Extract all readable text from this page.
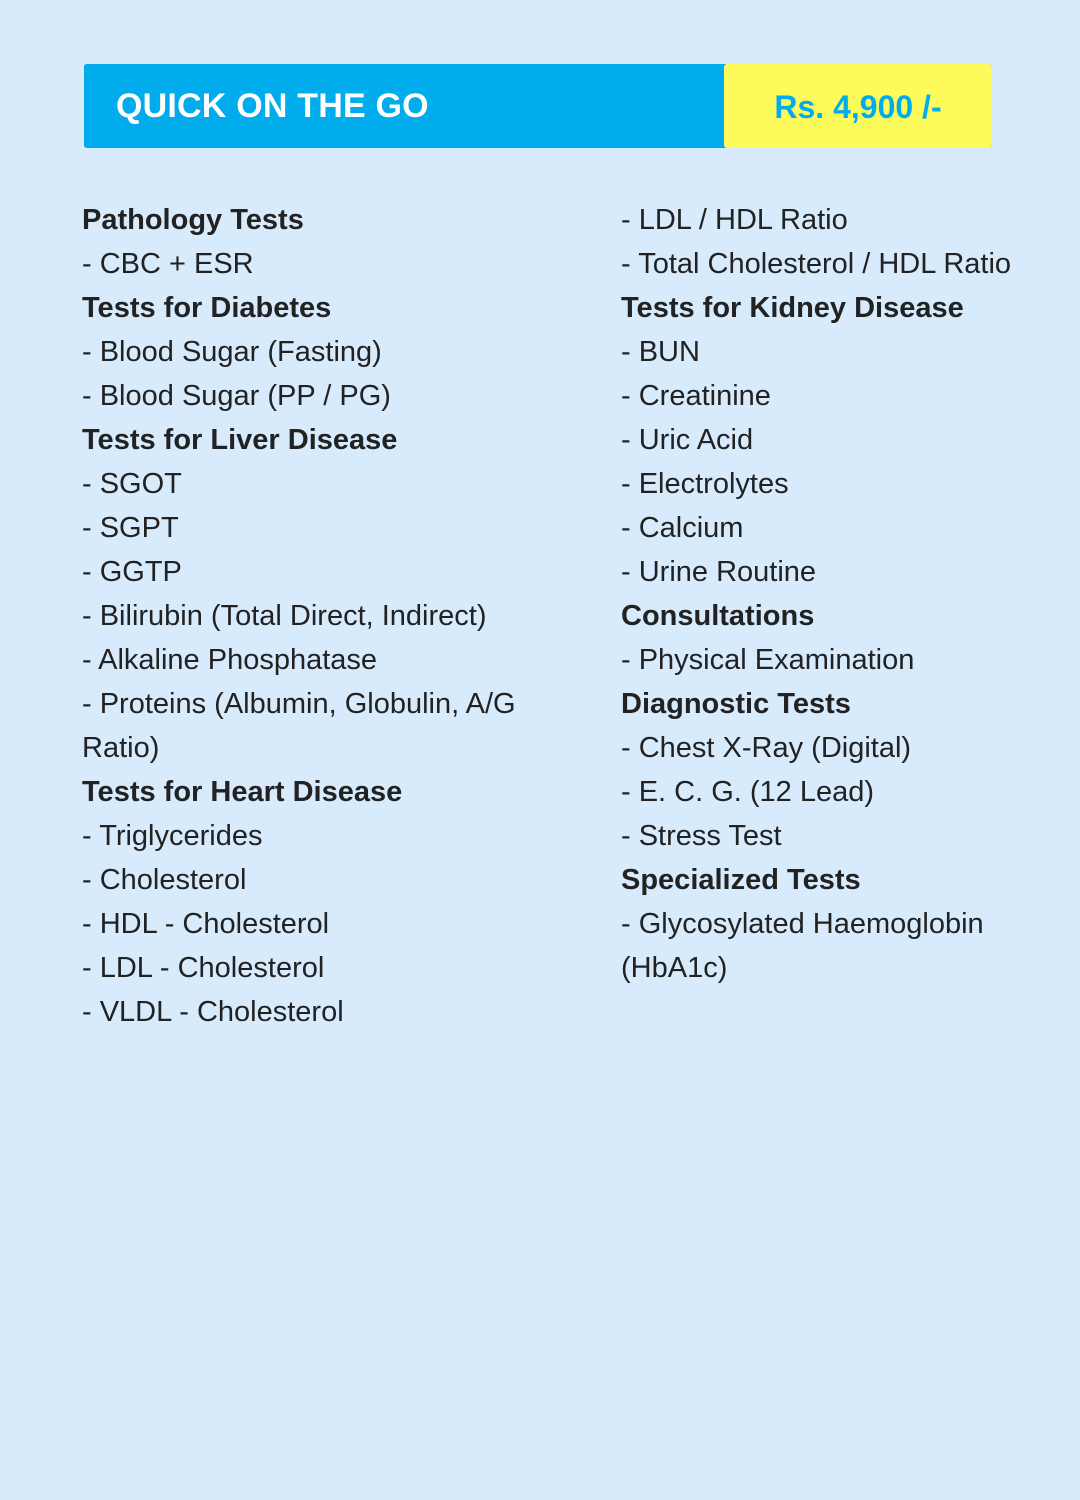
QUICK ON THE GO	Rs. 4,900 /-
Pathology Tests
- CBC + ESR
Tests for Diabetes
- Blood Sugar (Fasting)
- Blood Sugar (PP / PG)
Tests for Liver Disease
- SGOT
- SGPT
- GGTP
- Bilirubin (Total Direct, Indirect)
- Alkaline Phosphatase
- Proteins (Albumin, Globulin, A/G Ratio)
Tests for Heart Disease
- Triglycerides
- Cholesterol
- HDL - Cholesterol
- LDL - Cholesterol
- VLDL - Cholesterol
- LDL / HDL Ratio
- Total Cholesterol / HDL Ratio
Tests for Kidney Disease
- BUN
- Creatinine
- Uric Acid
- Electrolytes
- Calcium
- Urine Routine
Consultations
- Physical Examination
Diagnostic Tests
- Chest X-Ray (Digital)
- E. C. G. (12 Lead)
- Stress Test
Specialized Tests
- Glycosylated Haemoglobin (HbA1c)
